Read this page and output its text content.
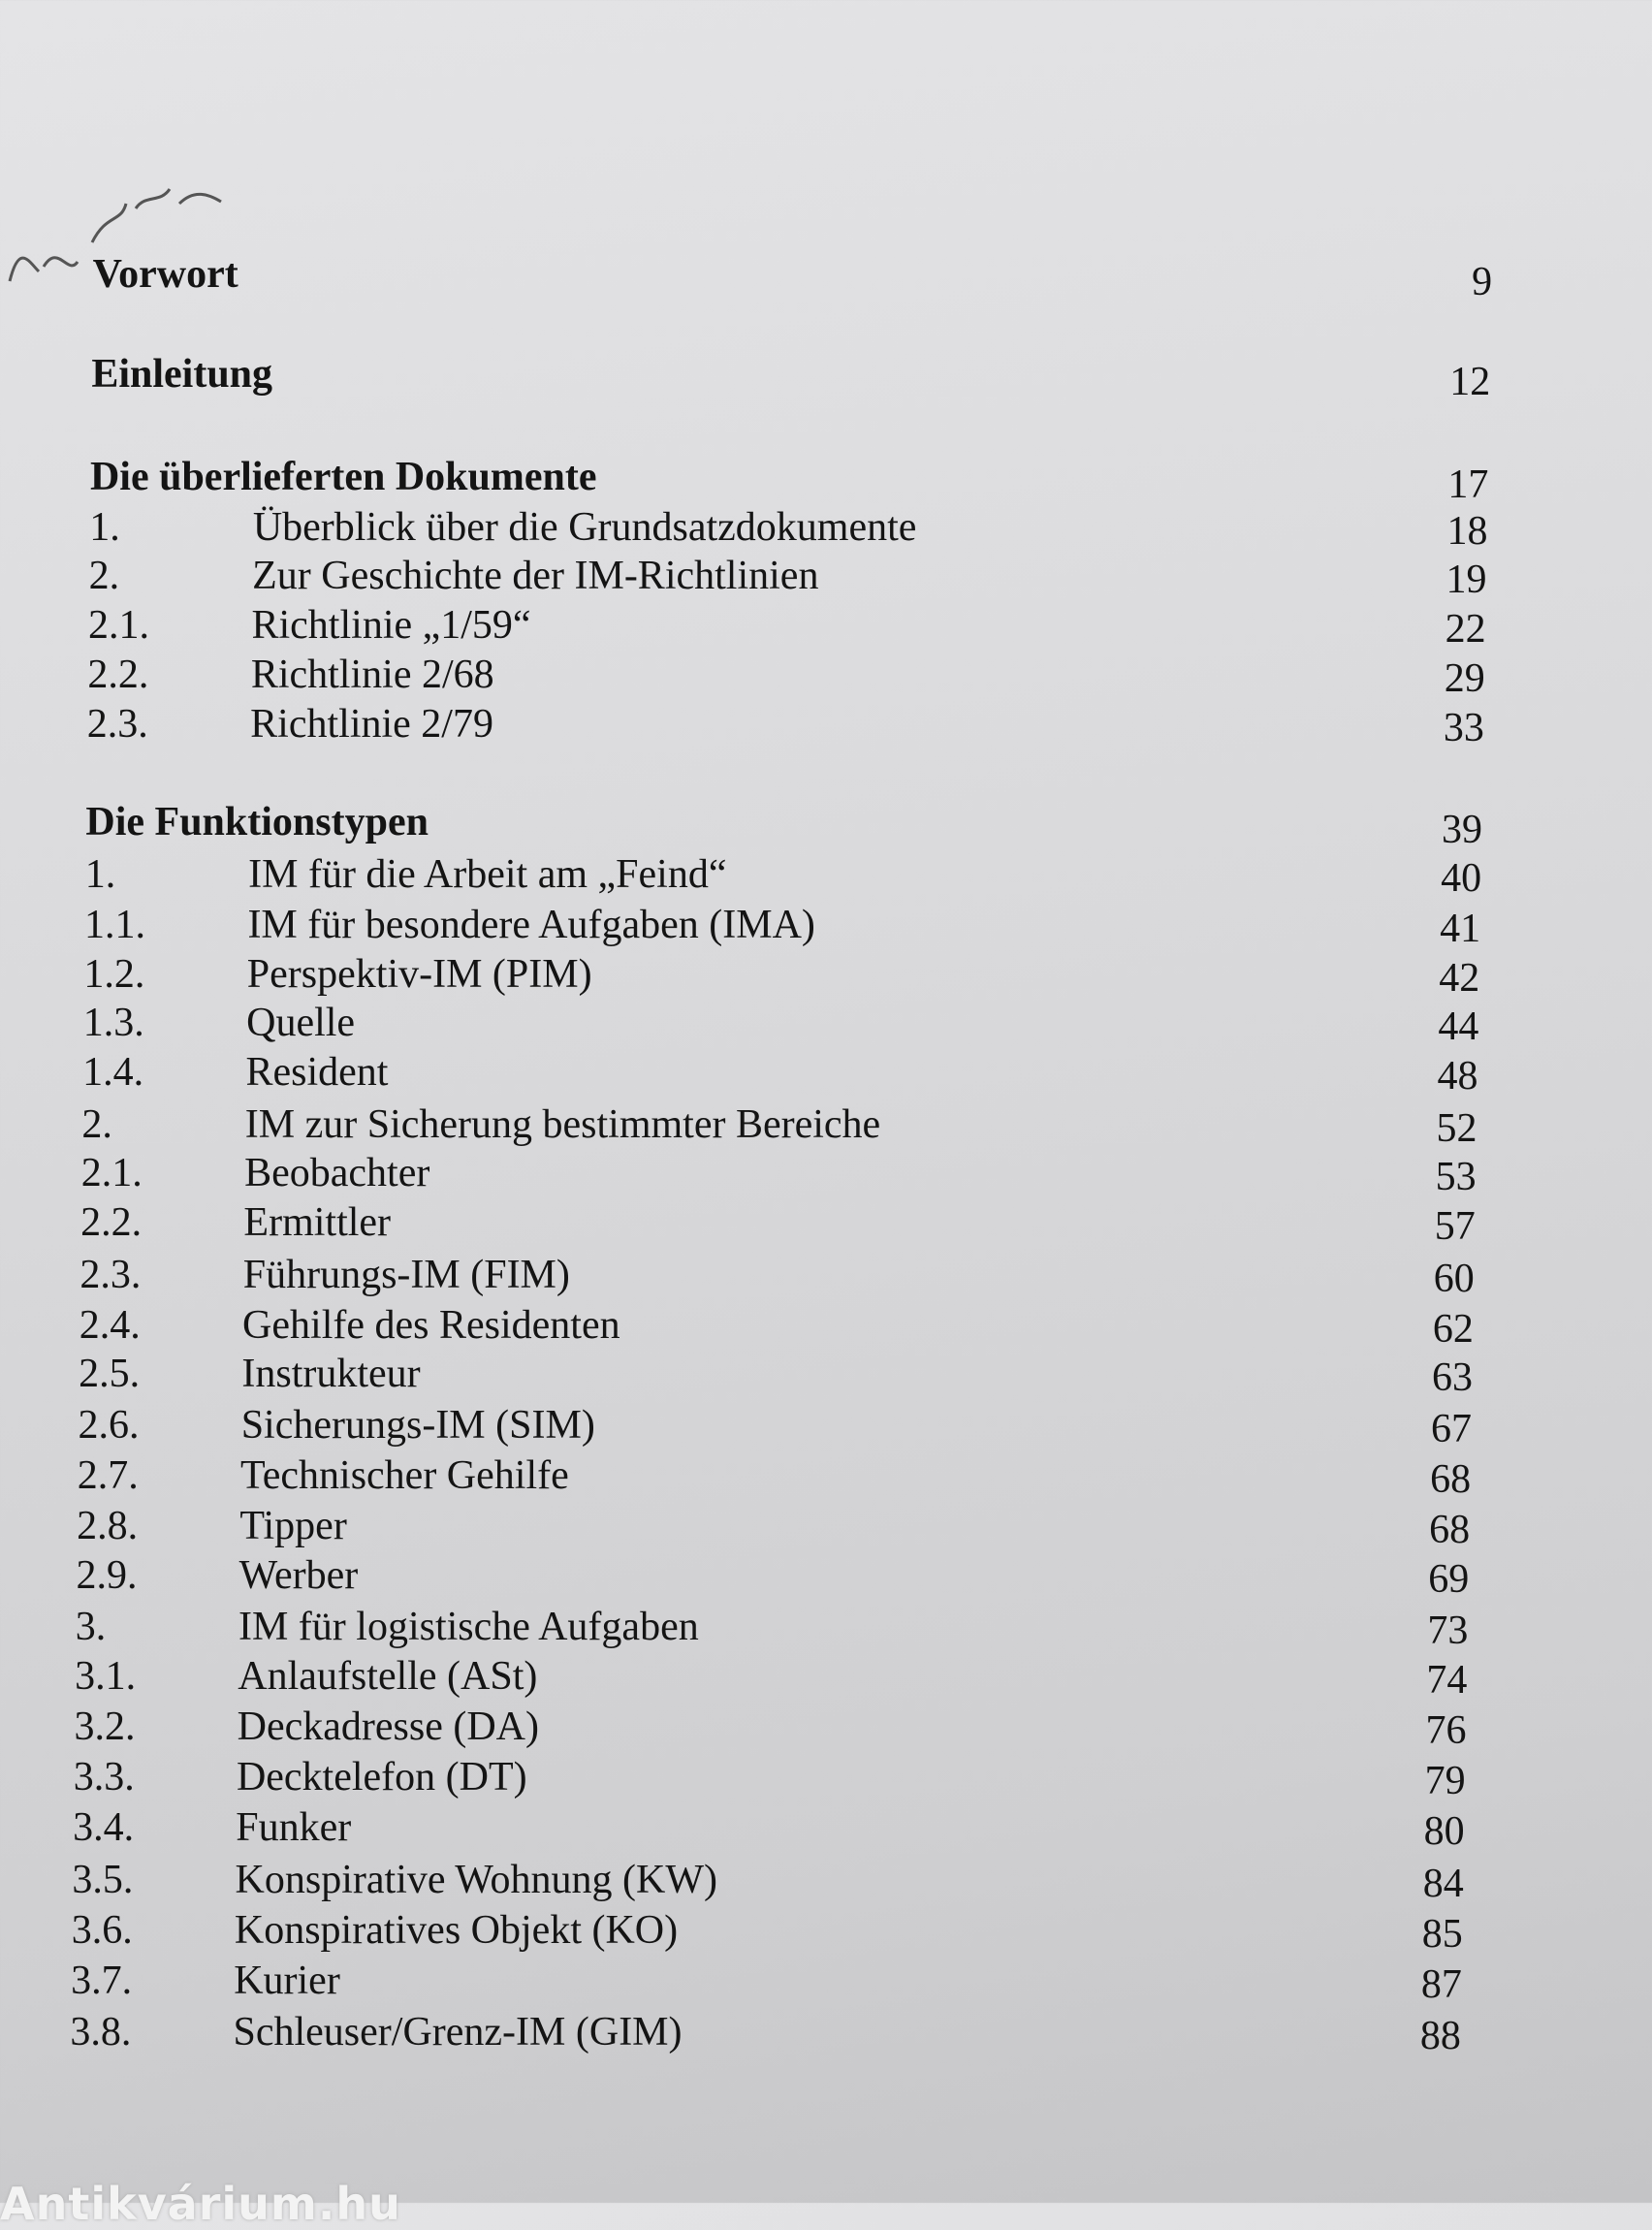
Vorwort	9
Einleitung	12
Die überlieferten Dokumente	17
1.	Überblick über die Grundsatzdokumente	18
2.	Zur Geschichte der IM-Richtlinien	19
2.1.	Richtlinie „1/59“	22
2.2.	Richtlinie 2/68	29
2.3.	Richtlinie 2/79	33
Die Funktionstypen	39
1.	IM für die Arbeit am „Feind“	40
1.1.	IM für besondere Aufgaben (IMA)	41
1.2.	Perspektiv-IM (PIM)	42
1.3.	Quelle	44
1.4.	Resident	48
2.	IM zur Sicherung bestimmter Bereiche	52
2.1.	Beobachter	53
2.2.	Ermittler	57
2.3.	Führungs-IM (FIM)	60
2.4.	Gehilfe des Residenten	62
2.5.	Instrukteur	63
2.6.	Sicherungs-IM (SIM)	67
2.7.	Technischer Gehilfe	68
2.8.	Tipper	68
2.9.	Werber	69
3.	IM für logistische Aufgaben	73
3.1.	Anlaufstelle (ASt)	74
3.2.	Deckadresse (DA)	76
3.3.	Decktelefon (DT)	79
3.4.	Funker	80
3.5.	Konspirative Wohnung (KW)	84
3.6.	Konspiratives Objekt (KO)	85
3.7.	Kurier	87
3.8.	Schleuser/Grenz-IM (GIM)	88
Antikvárium.hu
